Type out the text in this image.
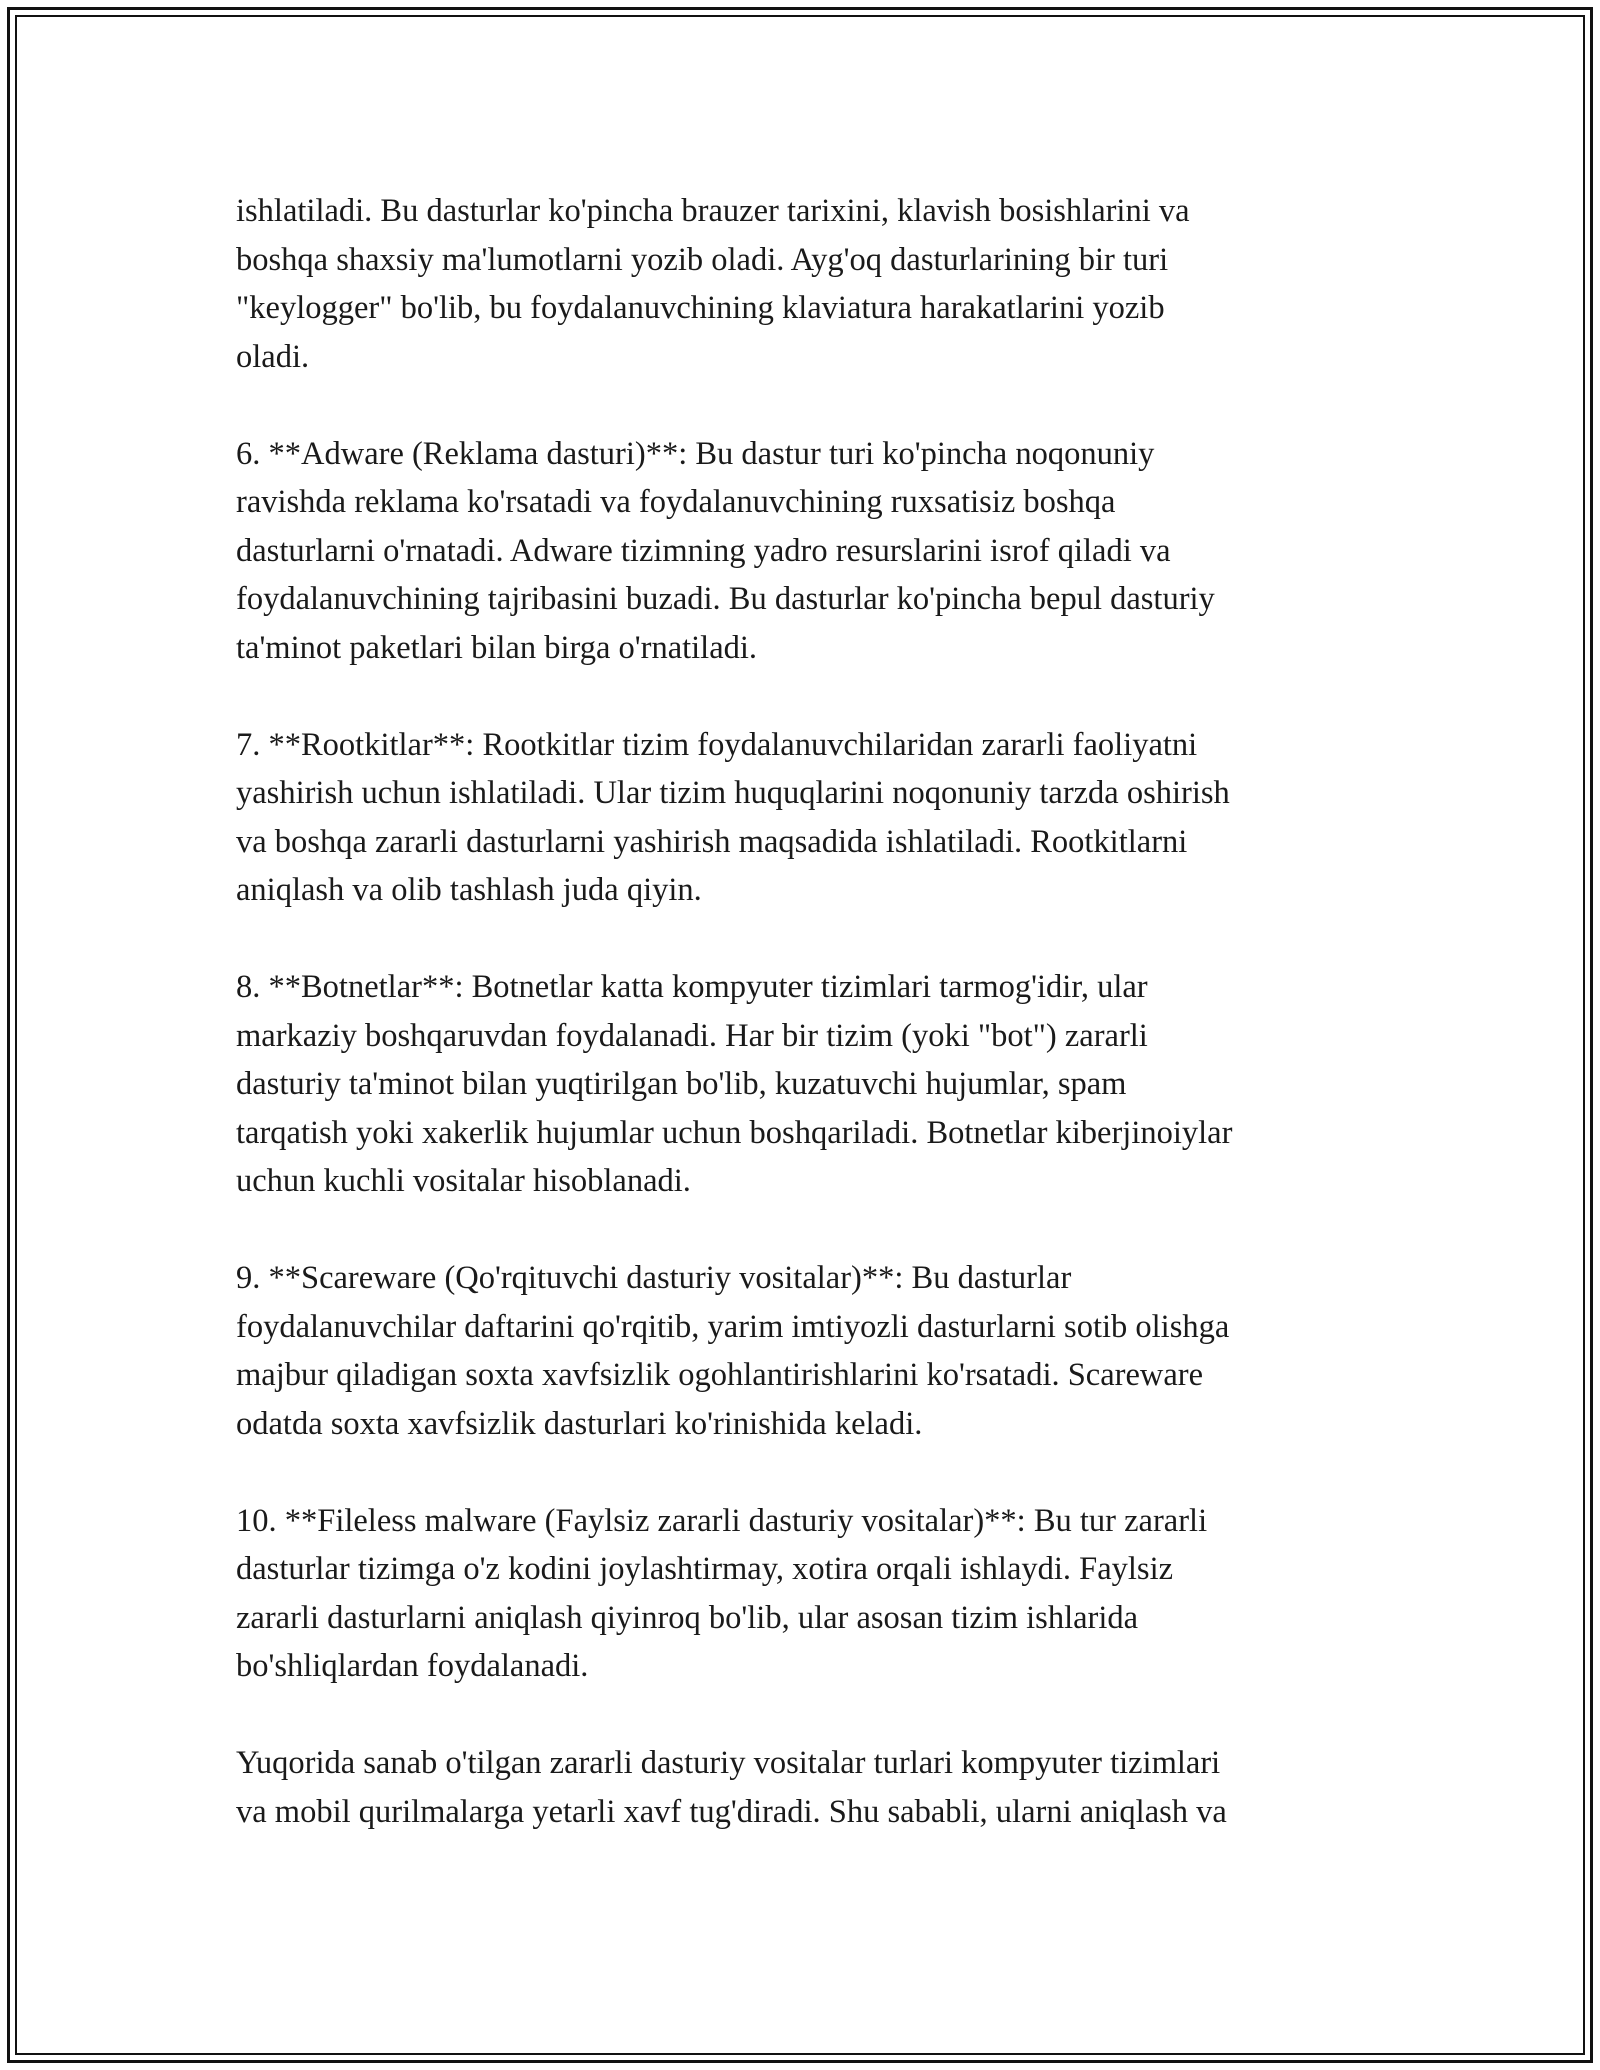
ishlatiladi. Bu dasturlar ko'pincha brauzer tarixini, klavish bosishlarini va
boshqa shaxsiy ma'lumotlarni yozib oladi. Ayg'oq dasturlarining bir turi
"keylogger" bo'lib, bu foydalanuvchining klaviatura harakatlarini yozib
oladi.

6. **Adware (Reklama dasturi)**: Bu dastur turi ko'pincha noqonuniy
ravishda reklama ko'rsatadi va foydalanuvchining ruxsatisiz boshqa
dasturlarni o'rnatadi. Adware tizimning yadro resurslarini isrof qiladi va
foydalanuvchining tajribasini buzadi. Bu dasturlar ko'pincha bepul dasturiy
ta'minot paketlari bilan birga o'rnatiladi.

7. **Rootkitlar**: Rootkitlar tizim foydalanuvchilaridan zararli faoliyatni
yashirish uchun ishlatiladi. Ular tizim huquqlarini noqonuniy tarzda oshirish
va boshqa zararli dasturlarni yashirish maqsadida ishlatiladi. Rootkitlarni
aniqlash va olib tashlash juda qiyin.

8. **Botnetlar**: Botnetlar katta kompyuter tizimlari tarmog'idir, ular
markaziy boshqaruvdan foydalanadi. Har bir tizim (yoki "bot") zararli
dasturiy ta'minot bilan yuqtirilgan bo'lib, kuzatuvchi hujumlar, spam
tarqatish yoki xakerlik hujumlar uchun boshqariladi. Botnetlar kiberjinoiylar
uchun kuchli vositalar hisoblanadi.

9. **Scareware (Qo'rqituvchi dasturiy vositalar)**: Bu dasturlar
foydalanuvchilar daftarini qo'rqitib, yarim imtiyozli dasturlarni sotib olishga
majbur qiladigan soxta xavfsizlik ogohlantirishlarini ko'rsatadi. Scareware
odatda soxta xavfsizlik dasturlari ko'rinishida keladi.

10. **Fileless malware (Faylsiz zararli dasturiy vositalar)**: Bu tur zararli
dasturlar tizimga o'z kodini joylashtirmay, xotira orqali ishlaydi. Faylsiz
zararli dasturlarni aniqlash qiyinroq bo'lib, ular asosan tizim ishlarida
bo'shliqlardan foydalanadi.

Yuqorida sanab o'tilgan zararli dasturiy vositalar turlari kompyuter tizimlari
va mobil qurilmalarga yetarli xavf tug'diradi. Shu sababli, ularni aniqlash va
